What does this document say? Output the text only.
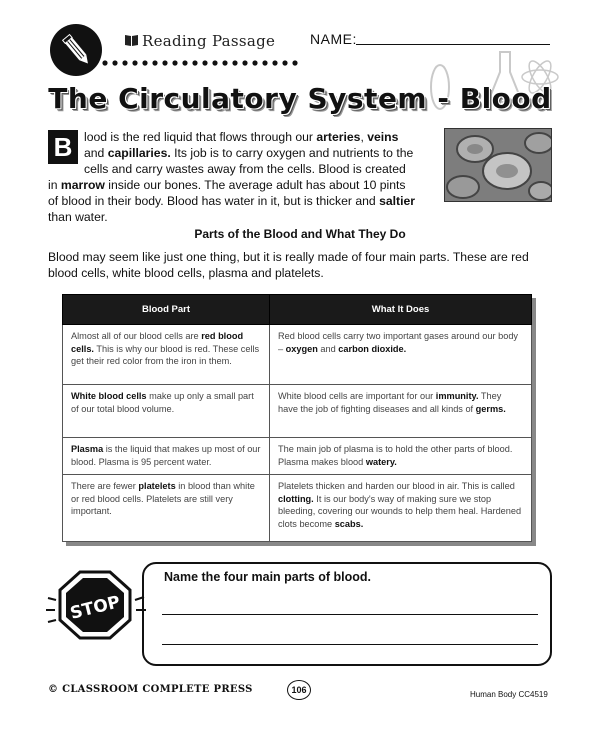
Reading Passage NAME:
The Circulatory System - Blood
B lood is the red liquid that flows through our arteries, veins
and capillaries. Its job is to carry oxygen and nutrients to the
cells and carry wastes away from the cells. Blood is created
in marrow inside our bones. The average adult has about 10 pints
of blood in their body. Blood has water in it, but is thicker and saltier
than water.
Parts of the Blood and What They Do
Blood may seem like just one thing, but it is really made of four main parts. These are red
blood cells, white blood cells, plasma and platelets.
Blood Part	What It Does
Almost all of our blood cells are red blood cells. This is why our blood is red. These cells get their red color from the iron in them.	Red blood cells carry two important gases around our body – oxygen and carbon dioxide.
White blood cells make up only a small part of our total blood volume.	White blood cells are important for our immunity. They have the job of fighting diseases and all kinds of germs.
Plasma is the liquid that makes up most of our blood. Plasma is 95 percent water.	The main job of plasma is to hold the other parts of blood. Plasma makes blood watery.
There are fewer platelets in blood than white or red blood cells. Platelets are still very important.	Platelets thicken and harden our blood in air. This is called clotting. It is our body's way of making sure we stop bleeding, covering our wounds to help them heal. Hardened clots become scabs.
STOP
Name the four main parts of blood.
© CLASSROOM COMPLETE PRESS	106	Human Body CC4519
